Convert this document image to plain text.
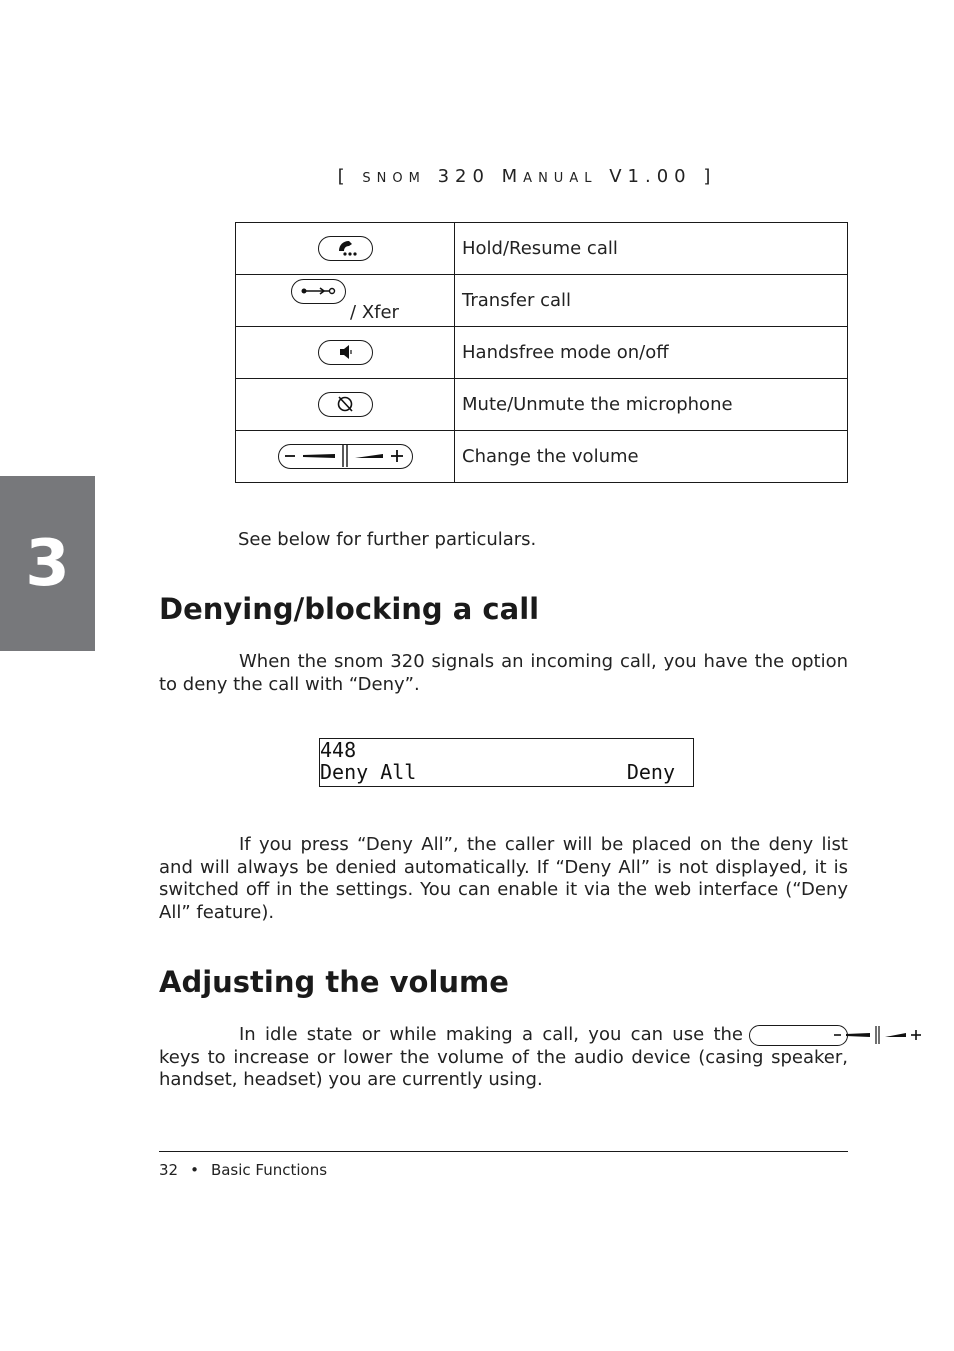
[ snom 320 Manual V1.00 ]
3
	Hold/Resume call

/ Xfer	Transfer call

	Handsfree mode on/off

	Mute/Unmute the microphone

	Change the volume

See below for further particulars.

Denying/blocking a call

When the snom 320 signals an incoming call, you have the option to deny the call with “Deny”.

448
Deny All	Deny

If you press “Deny All”, the caller will be placed on the deny list and will always be denied automatically. If “Deny All” is not displayed, it is switched off in the settings. You can enable it via the web interface (“Deny All” feature).

Adjusting the volume

In idle state or while making a call, you can use the keys to increase or lower the volume of the audio device (casing speaker, handset, headset) you are currently using.

32 • Basic Functions
